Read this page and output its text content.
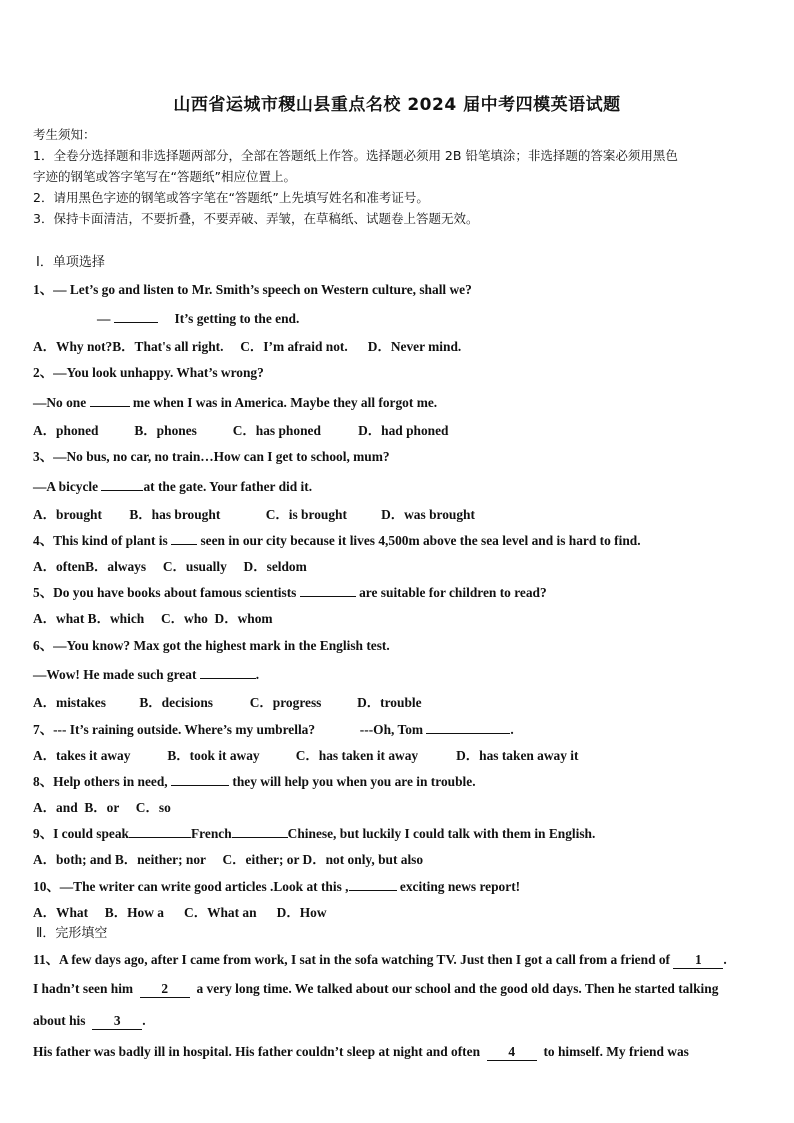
山西省运城市稷山县重点名校 2024 届中考四模英语试题

考生须知：

1．全卷分选择题和非选择题两部分，全部在答题纸上作答。选择题必须用 2B 铅笔填涂；非选择题的答案必须用黑色

字迹的钢笔或答字笔写在“答题纸”相应位置上。

2．请用黑色字迹的钢笔或答字笔在“答题纸”上先填写姓名和准考证号。

3．保持卡面清洁，不要折叠，不要弄破、弄皱，在草稿纸、试题卷上答题无效。

Ⅰ．单项选择
1、— Let’s go and listen to Mr. Smith’s speech on Western culture, shall we?
—	It’s getting to the end.
A．Why not?B．That's all right.     C．I’m afraid not.      D．Never mind.
2、—You look unhappy. What’s wrong?
—No one	me when I was in America. Maybe they all forgot me.
A．phoned	B．phones	C．has phoned	D．had phoned
3、—No bus, no car, no train…How can I get to school, mum?
—A bicycle	at the gate. Your father did it.
A．brought B．has brought	C．is brought	D．was brought
4、This kind of plant is seen in our city because it lives 4,500m above the sea level and is hard to find.
A．oftenB．always     C．usually     D．seldom
5、Do you have books about famous scientists	are suitable for children to read?
A．what B．which     C．who  D．whom
6、—You know? Max got the highest mark in the English test.
—Wow! He made such great	.
A．mistakes B．decisions	C．progress	D．trouble
7、--- It’s raining outside. Where’s my umbrella?	---Oh, Tom	.
A．takes it away	B．took it away	C．has taken it away	D．has taken away it
8、Help others in need,	they will help you when you are in trouble.
A．and  B．or     C．so
9、I could speak	French	Chinese, but luckily I could talk with them in English.
A．both; and B．neither; nor     C．either; or D．not only, but also
10、—The writer can write good articles .Look at this ,	exciting news report!
A．What     B．How a      C．What an      D．How
Ⅱ．完形填空
11、A few days ago, after I came from work, I sat in the sofa watching TV. Just then I got a call from a friend of 1 .
I hadn’t seen him 2 a very long time. We talked about our school and the good old days. Then he started talking
about his 3 .
His father was badly ill in hospital. His father couldn’t sleep at night and often 4 to himself. My friend was
